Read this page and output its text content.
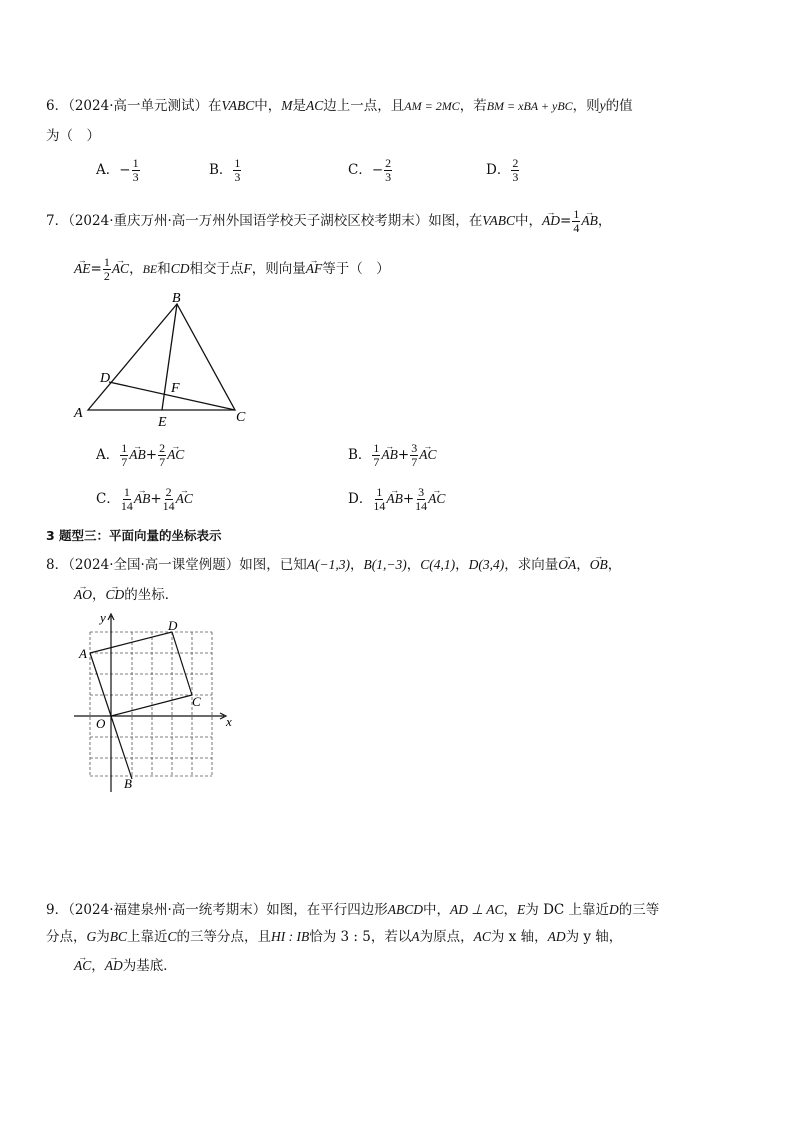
6．（2024·高一单元测试）在VABC中，M是AC边上一点，且AM = 2MC，若BM = xBA + yBC，则y的值
为（　）
A．− $\frac{1}{3}$	B． $\frac{1}{3}$	C．− $\frac{2}{3}$	D． $\frac{2}{3}$
7．（2024·重庆万州·高一万州外国语学校天子湖校区校考期末）如图，在VABC中，→ $AD= \frac{1}{4}$
→ AB，
→ $AE= \frac{1}{2}$
→ AC，BE和CD相交于点F，则向量→ AF等于（　）
B
D
F
A
E	C
A． $\frac{1}{7}$
→ $AB+ \frac{2}{7}$
→ AC	B． $\frac{1}{7}$
→ $AB+ \frac{3}{7}$
→ AC
C． $\frac{1}{14}$
→ $AB+ \frac{2}{14}$
→ AC	D． $\frac{1}{14}$
→ $AB+ \frac{3}{14}$
→ AC
3 题型三：平面向量的坐标表示
8．（2024·全国·高一课堂例题）如图，已知A(−1,3)，B(1,−3)，C(4,1)，D(3,4)，求向量→ OA，→ OB，
→ AO，→ CD的坐标．
y
x
O
A
D
C
B
9．（2024·福建泉州·高一统考期末）如图，在平行四边形ABCD中，AD ⊥ AC，E为 DC 上靠近D的三等
分点，G为BC上靠近C的三等分点，且HI : IB恰为 3 : 5，若以A为原点，AC为 x 轴，AD为 y 轴，
→ AC，→ AD为基底．
